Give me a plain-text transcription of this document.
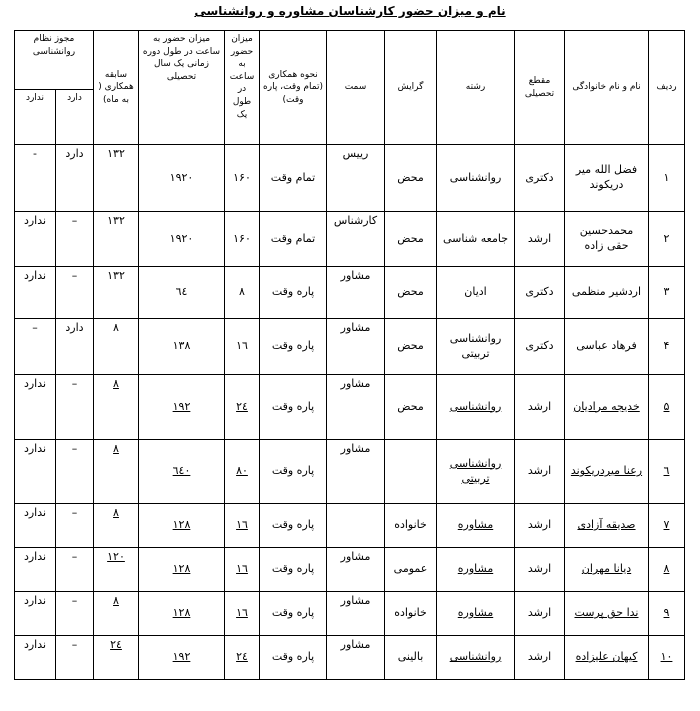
نام و میزان حضور کارشناسان مشاوره و روانشناسی
ردیف	نام و نام خانوادگی	مقطع تحصیلی	رشته	گرایش	سمت	نحوه همکاری
(تمام وقت، پاره وقت)	میزان حضور به ساعت در طول یک	میزان حضور به ساعت در طول دوره زمانی یک سال تحصیلی	سابقه همکاری ( به ماه)	مجوز نظام روانشناسی	
										دارد	ندارد
۱	فضل الله میر دریکوند	دکتری	روانشناسی	محض	رییس	تمام وقت	۱۶۰	۱۹۲۰	۱۳۲	دارد	-
۲	محمدحسین حقی زاده	ارشد	جامعه شناسی	محض	کارشناس	تمام وقت	۱۶۰	۱۹۲۰	۱۳۲	–	ندارد
۳	اردشیر منظمی	دکتری	ادیان	محض	مشاور	پاره وقت	۸	٦٤	۱۳۲	–	ندارد
۴	فرهاد عباسی	دکتری	روانشناسی تربیتی	محض	مشاور	پاره وقت	۱٦	۱۳۸	۸	دارد	–
۵	خدیجه مرادیان	ارشد	روانشناسی	محض	مشاور	پاره وقت	۲٤	۱۹۲	۸	–	ندارد
٦	رعنا میردریکوند	ارشد	روانشناسی تربیتی		مشاور	پاره وقت	۸۰	٦٤۰	۸	–	ندارد
۷	صدیقه آزادی	ارشد	مشاوره	خانواده		پاره وقت	۱٦	۱۲۸	۸	–	ندارد
۸	دیانا مهران	ارشد	مشاوره	عمومی	مشاور	پاره وقت	۱٦	۱۲۸	۱۲۰	–	ندارد
۹	ندا حق پرست	ارشد	مشاوره	خانواده	مشاور	پاره وقت	۱٦	۱۲۸	۸	–	ندارد
۱۰	کیهان علیزاده	ارشد	روانشناسی	بالینی	مشاور	پاره وقت	۲٤	۱۹۲	۲٤	–	ندارد
